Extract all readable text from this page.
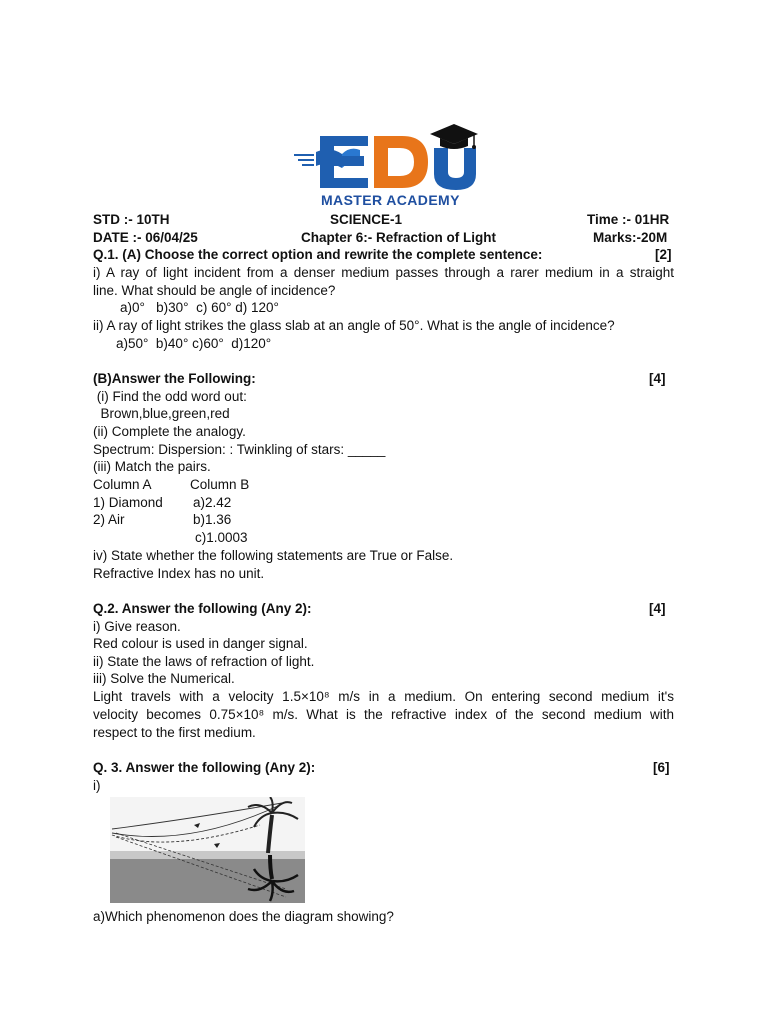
MASTER ACADEMY
STD :- 10TH	SCIENCE-1	Time :- 01HR
DATE :- 06/04/25	Chapter 6:- Refraction of Light	Marks:-20M
Q.1. (A) Choose the correct option and rewrite the complete sentence:	[2]
i) A ray of light incident from a denser medium passes through a rarer medium in a straight
line. What should be angle of incidence?
a)0°   b)30°  c) 60° d) 120°
ii) A ray of light strikes the glass slab at an angle of 50°. What is the angle of incidence?
a)50°  b)40° c)60°  d)120°
(B)Answer the Following:	[4]
(i) Find the odd word out:
Brown,blue,green,red
(ii) Complete the analogy.
Spectrum: Dispersion: : Twinkling of stars: _____
(iii) Match the pairs.
Column A	Column B
1) Diamond a)2.42
2) Air	b)1.36
c)1.0003
iv) State whether the following statements are True or False.
Refractive Index has no unit.
Q.2. Answer the following (Any 2):	[4]
i) Give reason.
Red colour is used in danger signal.
ii) State the laws of refraction of light.
iii) Solve the Numerical.
Light travels with a velocity 1.5×10⁸ m/s in a medium. On entering second medium it's
velocity becomes 0.75×10⁸ m/s. What is the refractive index of the second medium with
respect to the first medium.
Q. 3. Answer the following (Any 2):	[6]
i)
a)Which phenomenon does the diagram showing?
